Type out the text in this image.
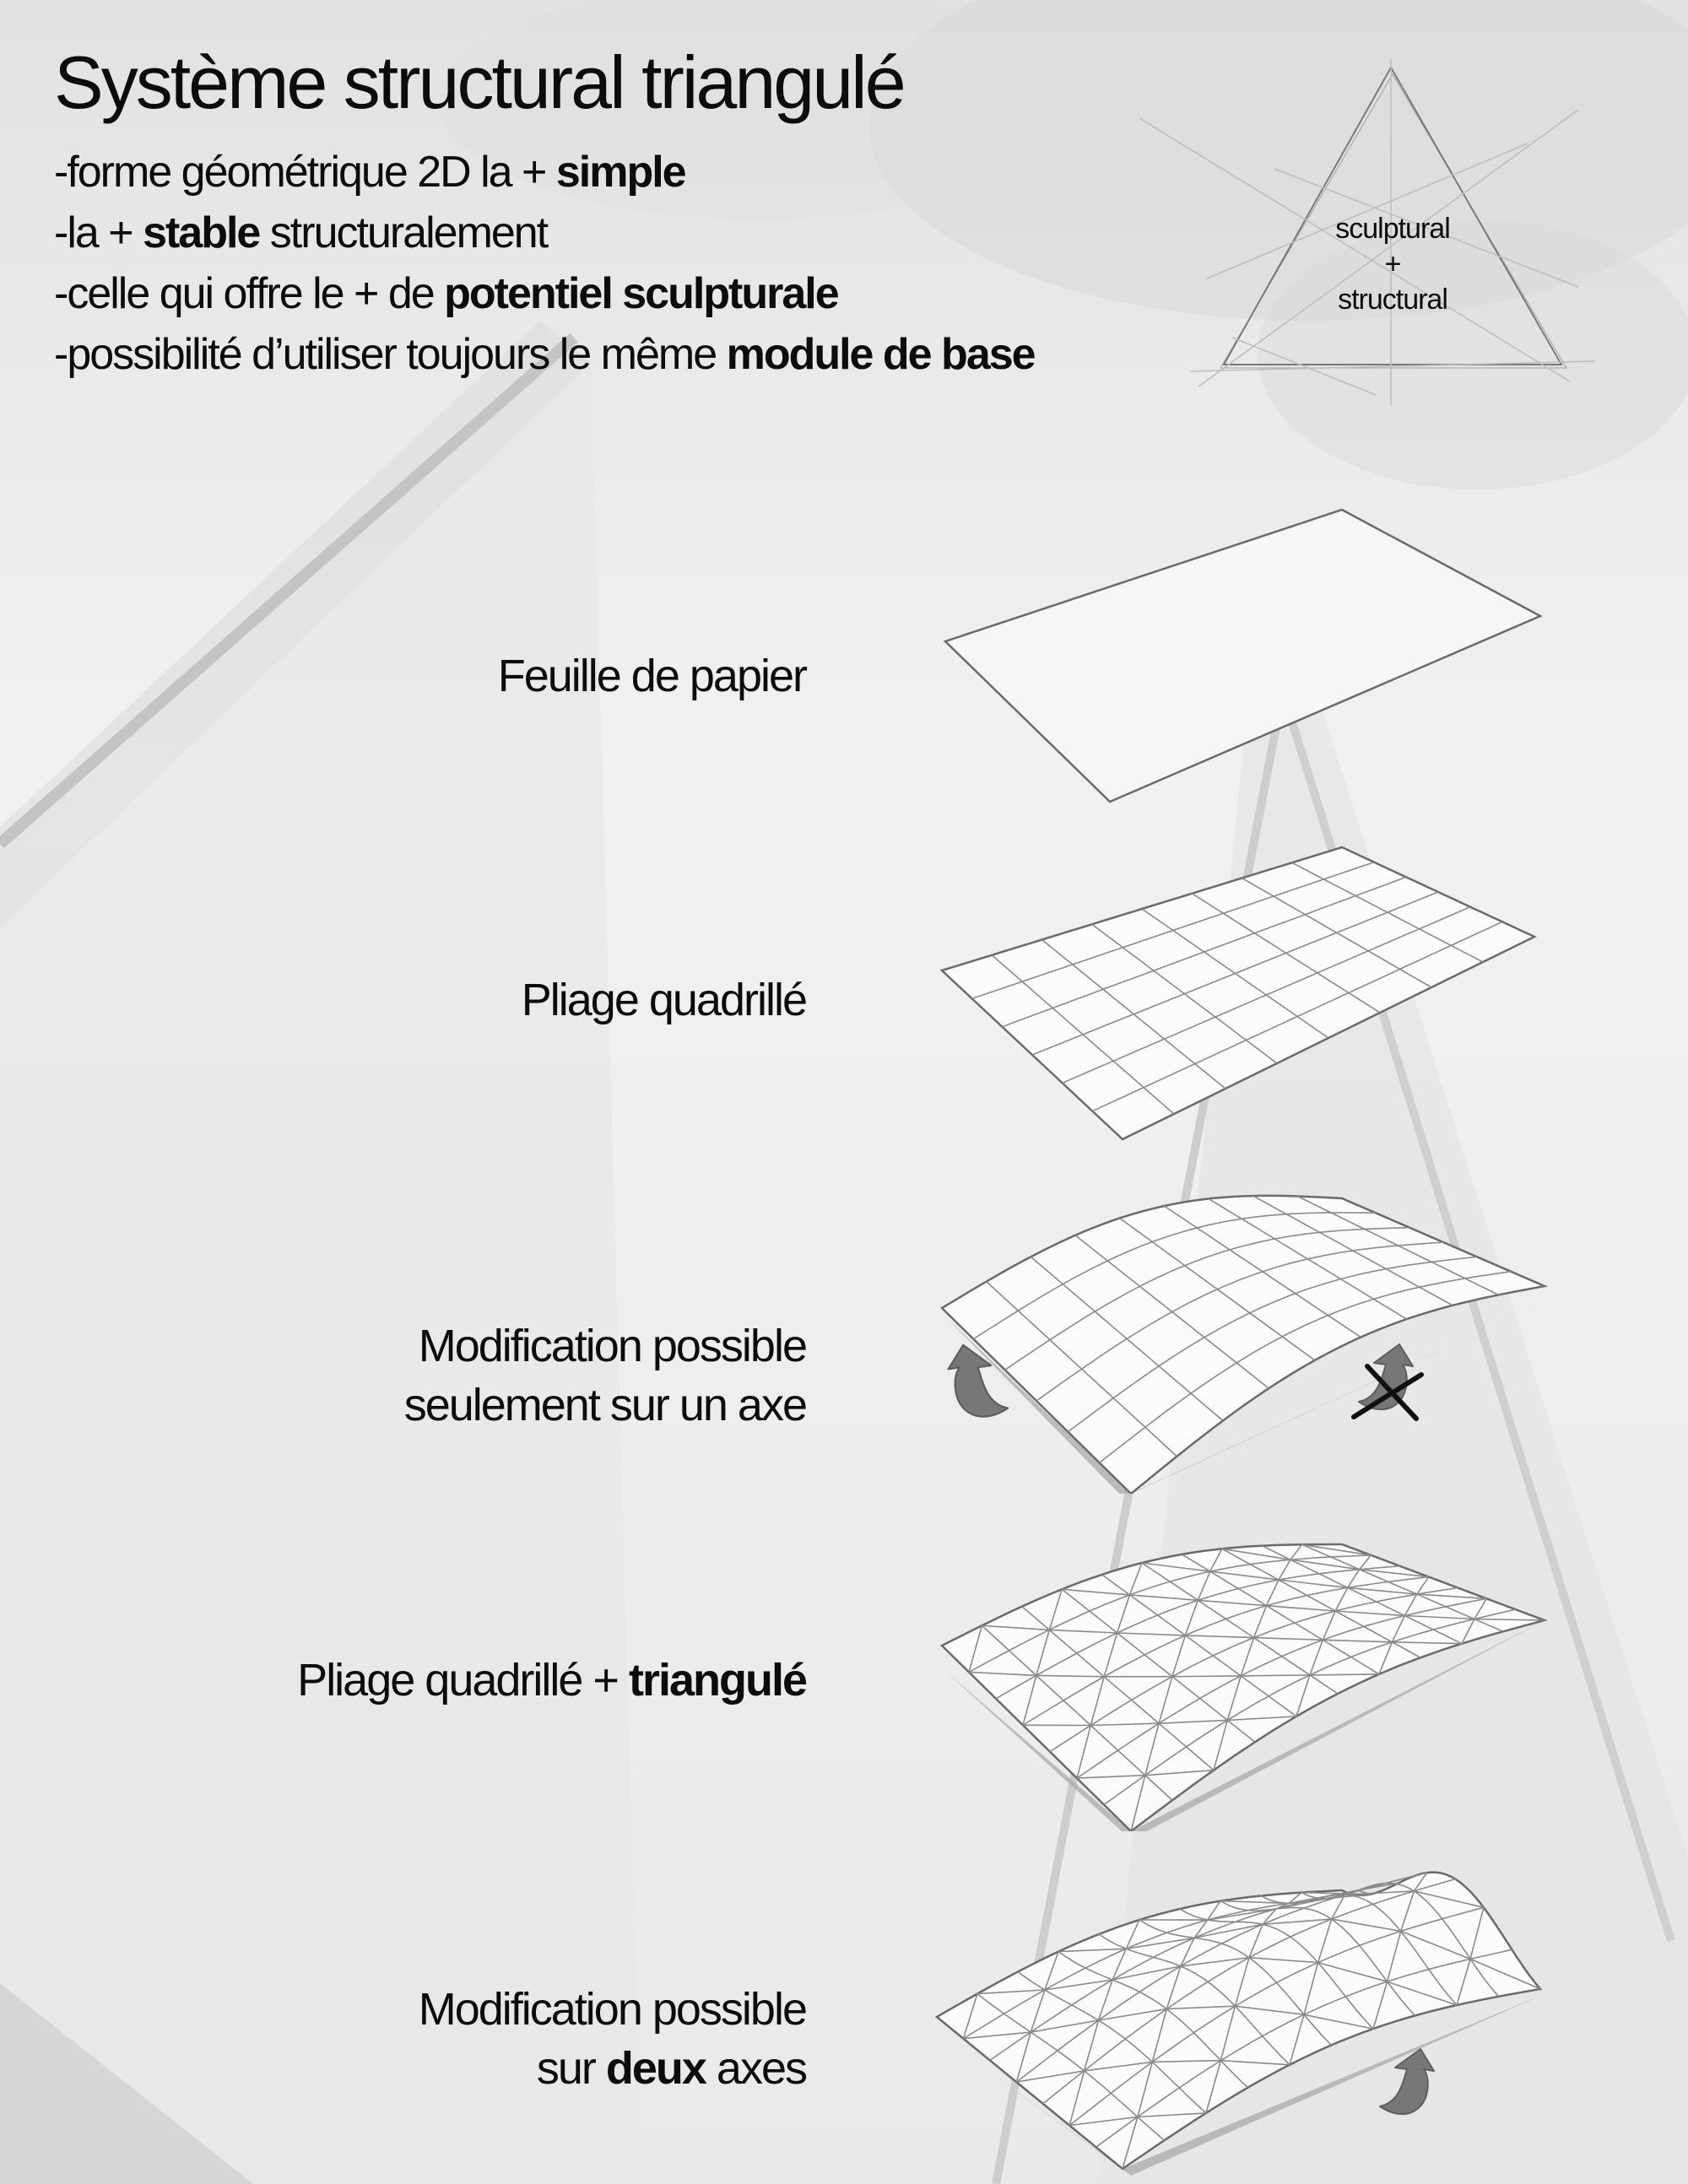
Système structural triangulé
-forme géométrique 2D la + simple
-la + stable structuralement
-celle qui offre le + de potentiel sculpturale
-possibilité d’utiliser toujours le même module de base
sculptural
+
structural
Feuille de papier
Pliage quadrillé
Modification possible
seulement sur un axe
Pliage quadrillé + triangulé
Modification possible
sur deux axes
